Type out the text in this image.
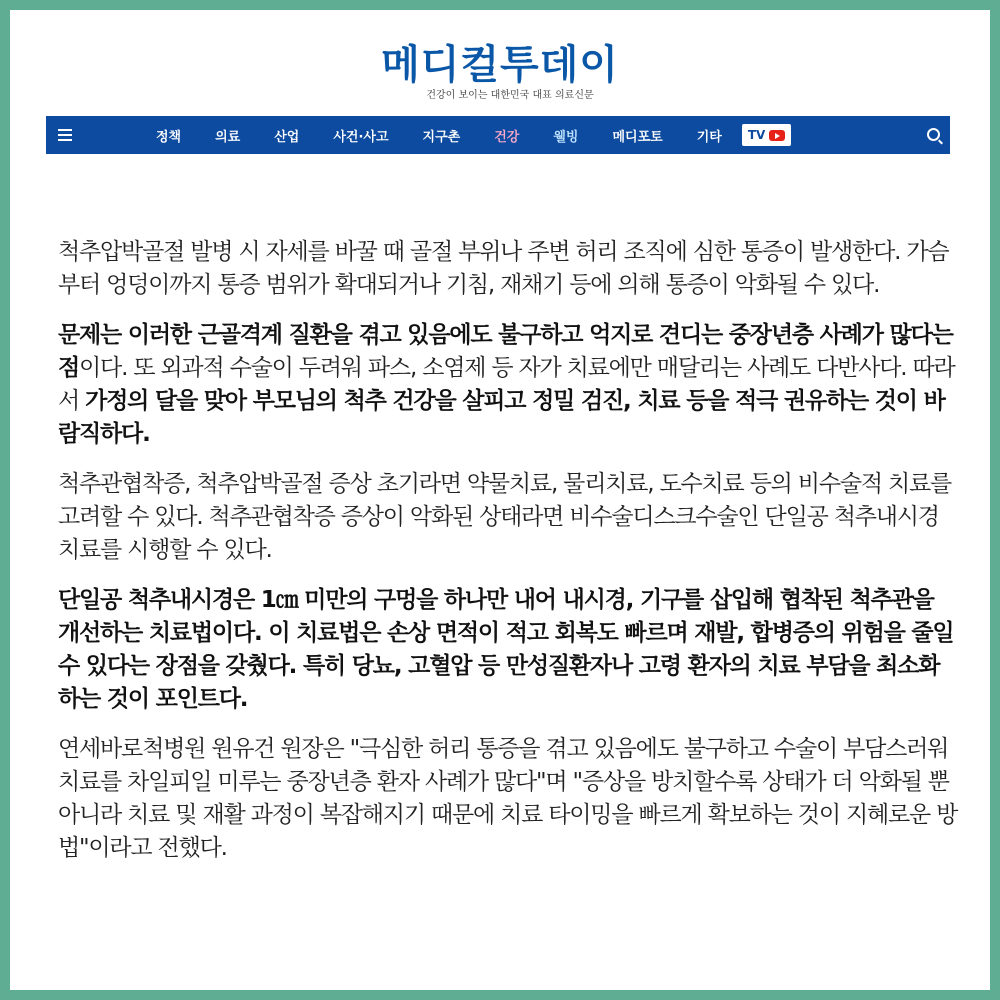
메디컬투데이
건강이 보이는 대한민국 대표 의료신문
정책	의료	산업	사건·사고	지구촌	건강	웰빙	메디포토	기타 TV

척추압박골절 발병 시 자세를 바꿀 때 골절 부위나 주변 허리 조직에 심한 통증이 발생한다. 가슴부터 엉덩이까지 통증 범위가 확대되거나 기침, 재채기 등에 의해 통증이 악화될 수 있다.

문제는 이러한 근골격계 질환을 겪고 있음에도 불구하고 억지로 견디는 중장년층 사례가 많다는 점이다. 또 외과적 수술이 두려워 파스, 소염제 등 자가 치료에만 매달리는 사례도 다반사다. 따라서 가정의 달을 맞아 부모님의 척추 건강을 살피고 정밀 검진, 치료 등을 적극 권유하는 것이 바람직하다.

척추관협착증, 척추압박골절 증상 초기라면 약물치료, 물리치료, 도수치료 등의 비수술적 치료를 고려할 수 있다. 척추관협착증 증상이 악화된 상태라면 비수술디스크수술인 단일공 척추내시경 치료를 시행할 수 있다.

단일공 척추내시경은 1㎝ 미만의 구멍을 하나만 내어 내시경, 기구를 삽입해 협착된 척추관을 개선하는 치료법이다. 이 치료법은 손상 면적이 적고 회복도 빠르며 재발, 합병증의 위험을 줄일 수 있다는 장점을 갖췄다. 특히 당뇨, 고혈압 등 만성질환자나 고령 환자의 치료 부담을 최소화하는 것이 포인트다.

연세바로척병원 원유건 원장은 "극심한 허리 통증을 겪고 있음에도 불구하고 수술이 부담스러워 치료를 차일피일 미루는 중장년층 환자 사례가 많다"며 "증상을 방치할수록 상태가 더 악화될 뿐 아니라 치료 및 재활 과정이 복잡해지기 때문에 치료 타이밍을 빠르게 확보하는 것이 지혜로운 방법"이라고 전했다.
